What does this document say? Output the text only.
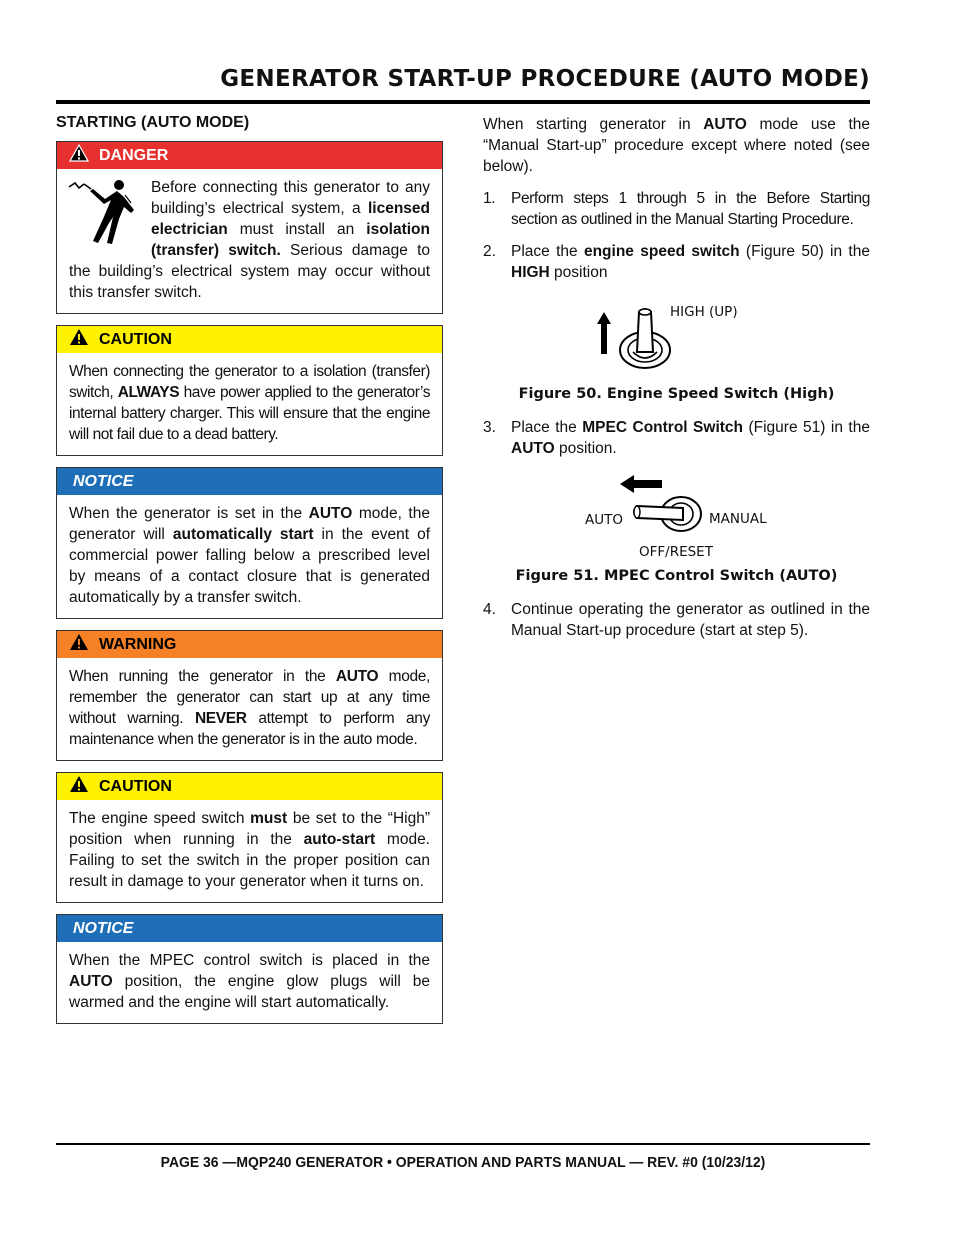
GENERATOR START-UP PROCEDURE (AUTO MODE)
STARTING (AUTO MODE)
DANGER
Before connecting this generator to any building’s electrical system, a licensed electrician must install an isolation (transfer) switch. Serious damage to the building’s electrical system may occur without this transfer switch.
CAUTION
When connecting the generator to a isolation (transfer) switch, ALWAYS have power applied to the generator’s internal battery charger. This will ensure that the engine will not fail due to a dead battery.
NOTICE
When the generator is set in the AUTO mode, the generator will automatically start in the event of commercial power falling below a prescribed level by means of a contact closure that is generated automatically by a transfer switch.
WARNING
When running the generator in the AUTO mode, remember the generator can start up at any time without warning. NEVER attempt to perform any maintenance when the generator is in the auto mode.
CAUTION
The engine speed switch must be set to the “High” position when running in the auto-start mode. Failing to set the switch in the proper position can result in damage to your generator when it turns on.
NOTICE
When the MPEC control switch is placed in the AUTO position, the engine glow plugs will be warmed and the engine will start automatically.
When starting generator in AUTO mode use the “Manual Start-up” procedure except where noted (see below).
1. Perform steps 1 through 5 in the Before Starting section as outlined in the Manual Starting Procedure.
2. Place the engine speed switch (Figure 50) in the HIGH position
HIGH (UP)
Figure 50. Engine Speed Switch (High)
3. Place the MPEC Control Switch (Figure 51) in the AUTO position.
AUTO	MANUAL
OFF/RESET
Figure 51. MPEC Control Switch (AUTO)
4. Continue operating the generator as outlined in the Manual Start-up procedure (start at step 5).
PAGE 36 —MQP240 GENERATOR • OPERATION AND PARTS MANUAL — REV. #0 (10/23/12)
